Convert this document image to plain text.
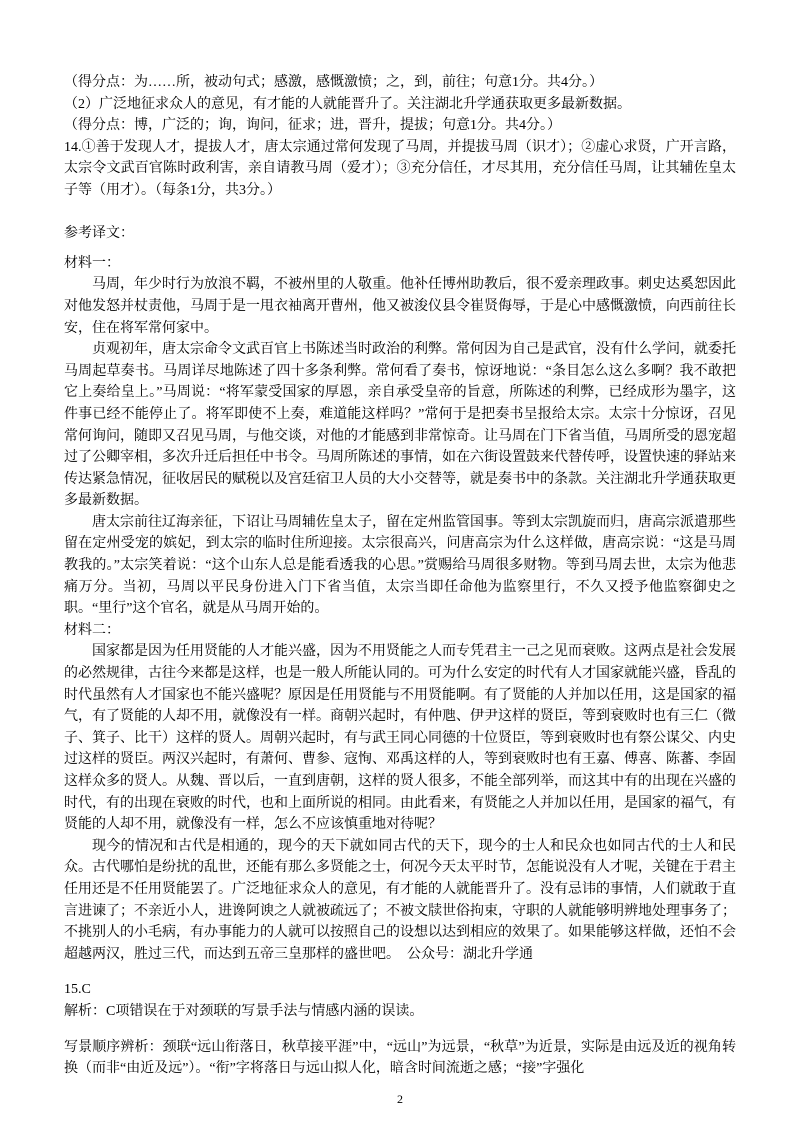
（得分点：为……所，被动句式；感激，感慨激愤；之，到，前往；句意1分。共4分。）

（2）广泛地征求众人的意见，有才能的人就能晋升了。关注湖北升学通获取更多最新数据。

（得分点：博，广泛的；询，询问，征求；进，晋升，提拔；句意1分。共4分。）

14.①善于发现人才，提拔人才，唐太宗通过常何发现了马周，并提拔马周（识才）；②虚心求贤，广开言路，太宗令文武百官陈时政利害，亲自请教马周（爱才）；③充分信任，才尽其用，充分信任马周，让其辅佐皇太子等（用才）。（每条1分，共3分。）

参考译文：

材料一：

马周，年少时行为放浪不羁，不被州里的人敬重。他补任博州助教后，很不爱亲理政事。刺史达奚恕因此对他发怒并杖责他，马周于是一甩衣袖离开曹州，他又被浚仪县令崔贤侮辱，于是心中感慨激愤，向西前往长安，住在将军常何家中。

贞观初年，唐太宗命令文武百官上书陈述当时政治的利弊。常何因为自己是武官，没有什么学问，就委托马周起草奏书。马周详尽地陈述了四十多条利弊。常何看了奏书，惊讶地说：“条目怎么这么多啊？我不敢把它上奏给皇上。”马周说：“将军蒙受国家的厚恩，亲自承受皇帝的旨意，所陈述的利弊，已经成形为墨字，这件事已经不能停止了。将军即使不上奏，难道能这样吗？”常何于是把奏书呈报给太宗。太宗十分惊讶，召见常何询问，随即又召见马周，与他交谈，对他的才能感到非常惊奇。让马周在门下省当值，马周所受的恩宠超过了公卿宰相，多次升迁后担任中书令。马周所陈述的事情，如在六街设置鼓来代替传呼，设置快速的驿站来传达紧急情况，征收居民的赋税以及宫廷宿卫人员的大小交替等，就是奏书中的条款。关注湖北升学通获取更多最新数据。

唐太宗前往辽海亲征，下诏让马周辅佐皇太子，留在定州监管国事。等到太宗凯旋而归，唐高宗派遣那些留在定州受宠的嫔妃，到太宗的临时住所迎接。太宗很高兴，问唐高宗为什么这样做，唐高宗说：“这是马周教我的。”太宗笑着说：“这个山东人总是能看透我的心思。”赏赐给马周很多财物。等到马周去世，太宗为他悲痛万分。当初，马周以平民身份进入门下省当值，太宗当即任命他为监察里行，不久又授予他监察御史之职。“里行”这个官名，就是从马周开始的。

材料二：

国家都是因为任用贤能的人才能兴盛，因为不用贤能之人而专凭君主一己之见而衰败。这两点是社会发展的必然规律，古往今来都是这样，也是一般人所能认同的。可为什么安定的时代有人才国家就能兴盛，昏乱的时代虽然有人才国家也不能兴盛呢？原因是任用贤能与不用贤能啊。有了贤能的人并加以任用，这是国家的福气，有了贤能的人却不用，就像没有一样。商朝兴起时，有仲虺、伊尹这样的贤臣，等到衰败时也有三仁（微子、箕子、比干）这样的贤人。周朝兴起时，有与武王同心同德的十位贤臣，等到衰败时也有祭公谋父、内史过这样的贤臣。两汉兴起时，有萧何、曹参、寇恂、邓禹这样的人，等到衰败时也有王嘉、傅喜、陈蕃、李固这样众多的贤人。从魏、晋以后，一直到唐朝，这样的贤人很多，不能全部列举，而这其中有的出现在兴盛的时代，有的出现在衰败的时代，也和上面所说的相同。由此看来，有贤能之人并加以任用，是国家的福气，有贤能的人却不用，就像没有一样，怎么不应该慎重地对待呢？

现今的情况和古代是相通的，现今的天下就如同古代的天下，现今的士人和民众也如同古代的士人和民众。古代哪怕是纷扰的乱世，还能有那么多贤能之士，何况今天太平时节，怎能说没有人才呢，关键在于君主任用还是不任用贤能罢了。广泛地征求众人的意见，有才能的人就能晋升了。没有忌讳的事情，人们就敢于直言进谏了；不亲近小人，进谗阿谀之人就被疏远了；不被文牍世俗拘束，守职的人就能够明辨地处理事务了；不挑别人的小毛病，有办事能力的人就可以按照自己的设想以达到相应的效果了。如果能够这样做，还怕不会超越两汉，胜过三代，而达到五帝三皇那样的盛世吧。　公众号：湖北升学通

15.C

解析：C项错误在于对颈联的写景手法与情感内涵的误读。

写景顺序辨析：颈联“远山衔落日，秋草接平涯”中，“远山”为远景，“秋草”为近景，实际是由远及近的视角转换（而非“由近及远”）。“衔”字将落日与远山拟人化，暗含时间流逝之感；“接”字强化

2
